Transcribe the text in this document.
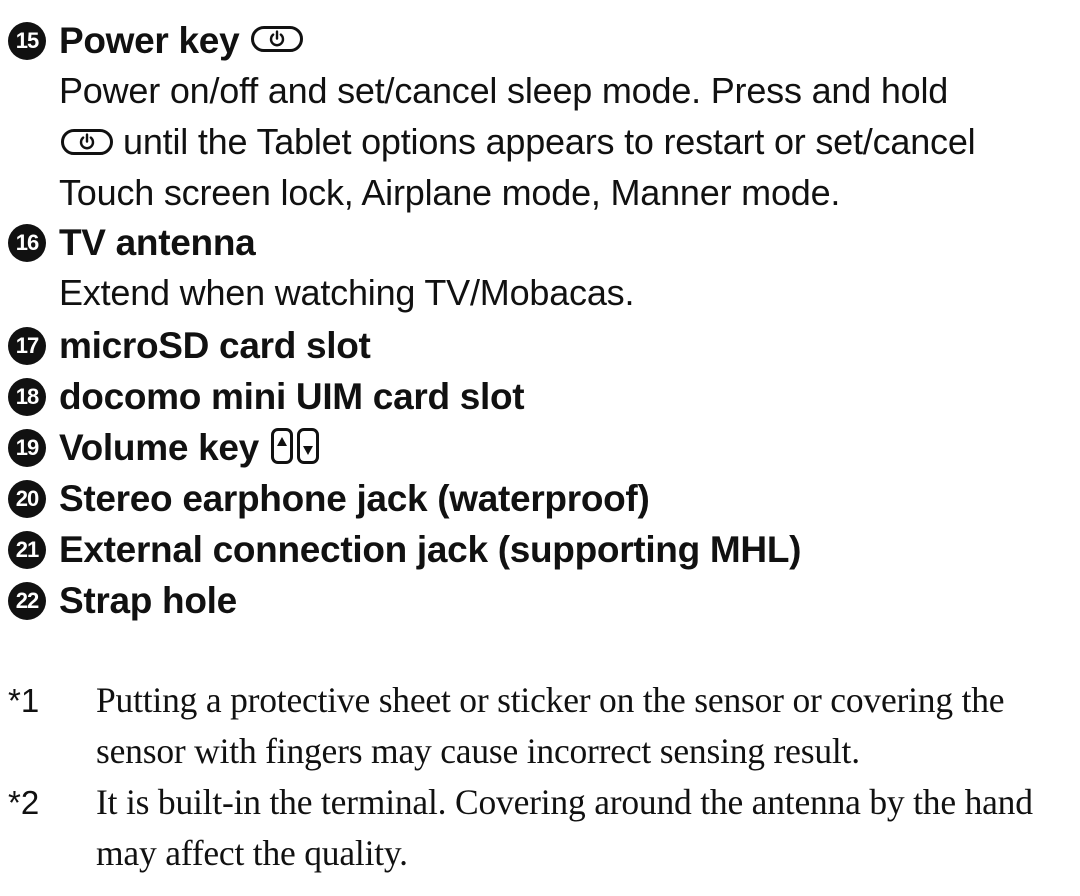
15 Power key
Power on/off and set/cancel sleep mode. Press and hold
until the Tablet options appears to restart or set/cancel
Touch screen lock, Airplane mode, Manner mode.
16 TV antenna
Extend when watching TV/Mobacas.
17 microSD card slot
18 docomo mini UIM card slot
19 Volume key
20 Stereo earphone jack (waterproof)
21 External connection jack (supporting MHL)
22 Strap hole
*1	Putting a protective sheet or sticker on the sensor or covering the
sensor with fingers may cause incorrect sensing result.
*2	It is built-in the terminal. Covering around the antenna by the hand
may affect the quality.
